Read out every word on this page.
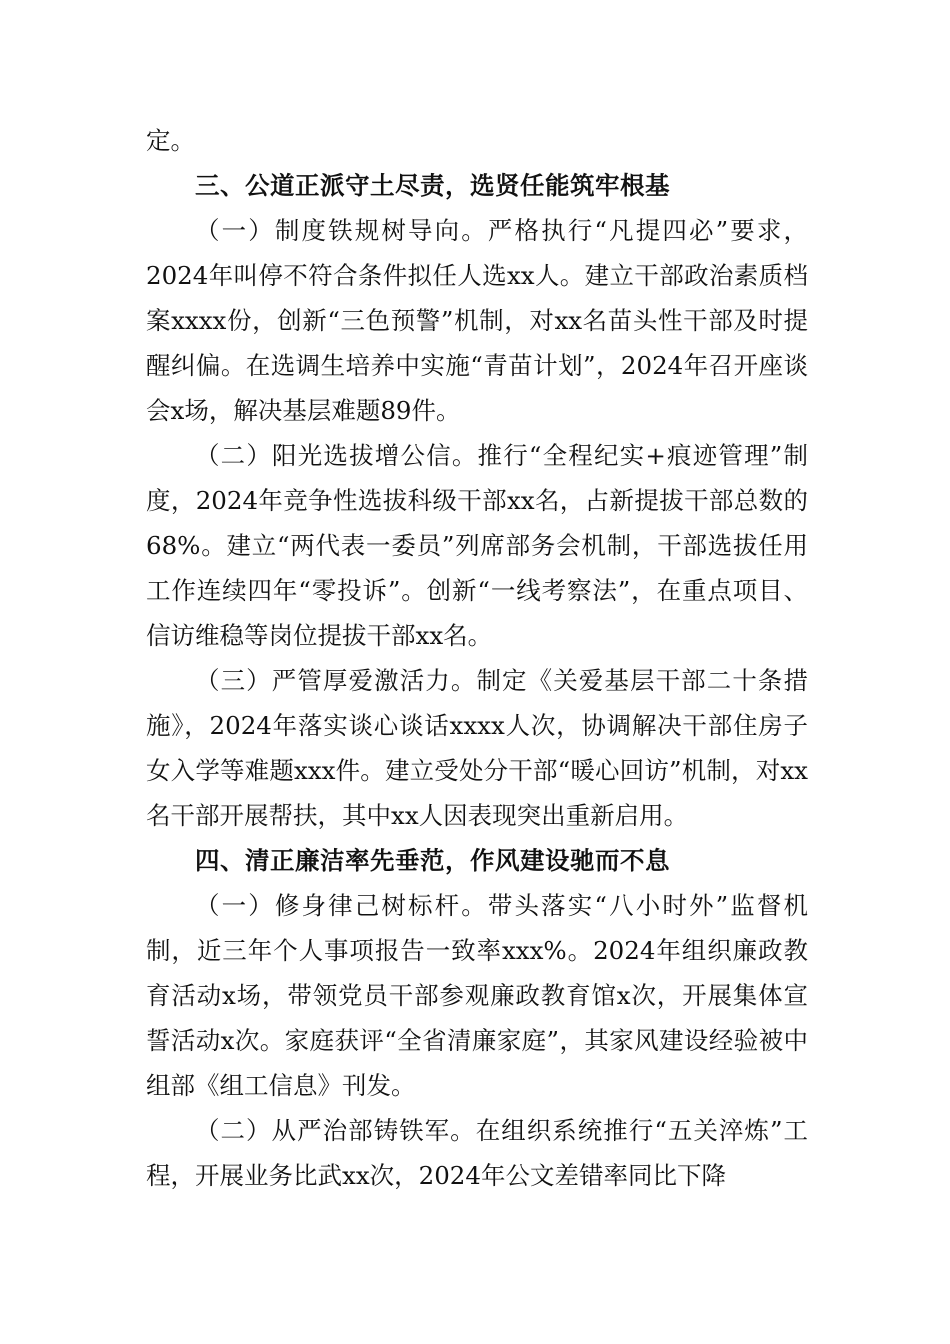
定。

三、公道正派守土尽责，选贤任能筑牢根基

（一）制度铁规树导向。严格执行“凡提四必”要求，2024年叫停不符合条件拟任人选xx人。建立干部政治素质档案xxxx份，创新“三色预警”机制，对xx名苗头性干部及时提醒纠偏。在选调生培养中实施“青苗计划”，2024年召开座谈会x场，解决基层难题89件。

（二）阳光选拔增公信。推行“全程纪实+痕迹管理”制度，2024年竞争性选拔科级干部xx名，占新提拔干部总数的68%。建立“两代表一委员”列席部务会机制，干部选拔任用工作连续四年“零投诉”。创新“一线考察法”，在重点项目、信访维稳等岗位提拔干部xx名。

（三）严管厚爱激活力。制定《关爱基层干部二十条措施》，2024年落实谈心谈话xxxx人次，协调解决干部住房子女入学等难题xxx件。建立受处分干部“暖心回访”机制，对xx名干部开展帮扶，其中xx人因表现突出重新启用。

四、清正廉洁率先垂范，作风建设驰而不息

（一）修身律己树标杆。带头落实“八小时外”监督机制，近三年个人事项报告一致率xxx%。2024年组织廉政教育活动x场，带领党员干部参观廉政教育馆x次，开展集体宣誓活动x次。家庭获评“全省清廉家庭”，其家风建设经验被中组部《组工信息》刊发。

（二）从严治部铸铁军。在组织系统推行“五关淬炼”工程，开展业务比武xx次，2024年公文差错率同比下降
